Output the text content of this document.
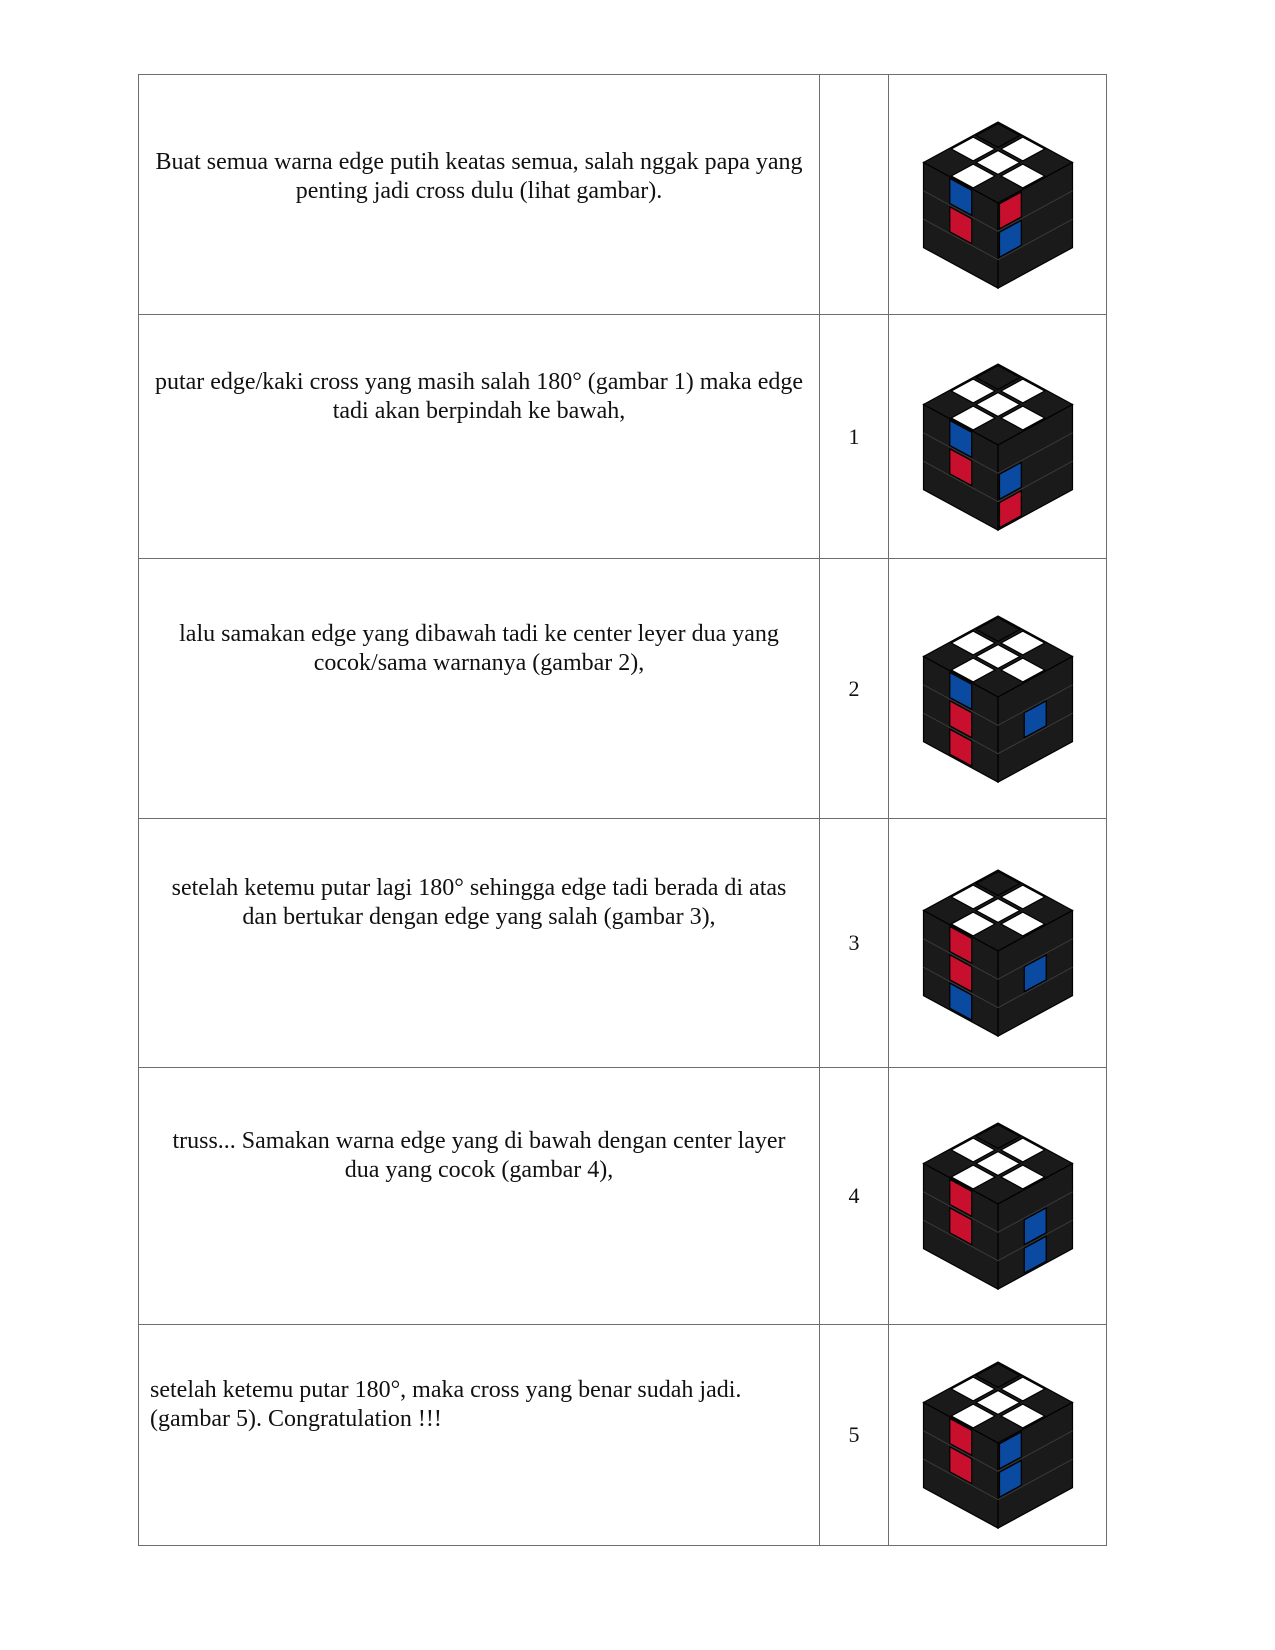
Buat semua warna edge putih keatas semua, salah nggak papa yang penting jadi cross dulu (lihat gambar).

putar edge/kaki cross yang masih salah 180° (gambar 1) maka edge tadi akan berpindah ke bawah,	1	

lalu samakan edge yang dibawah tadi ke center leyer dua yang cocok/sama warnanya (gambar 2),	2	

setelah ketemu putar lagi 180° sehingga edge tadi berada di atas dan bertukar dengan edge yang salah (gambar 3),	3	

truss... Samakan warna edge yang di bawah dengan center layer dua yang cocok (gambar 4),	4	

setelah ketemu putar 180°, maka cross yang benar sudah jadi. (gambar 5). Congratulation !!!	5	
